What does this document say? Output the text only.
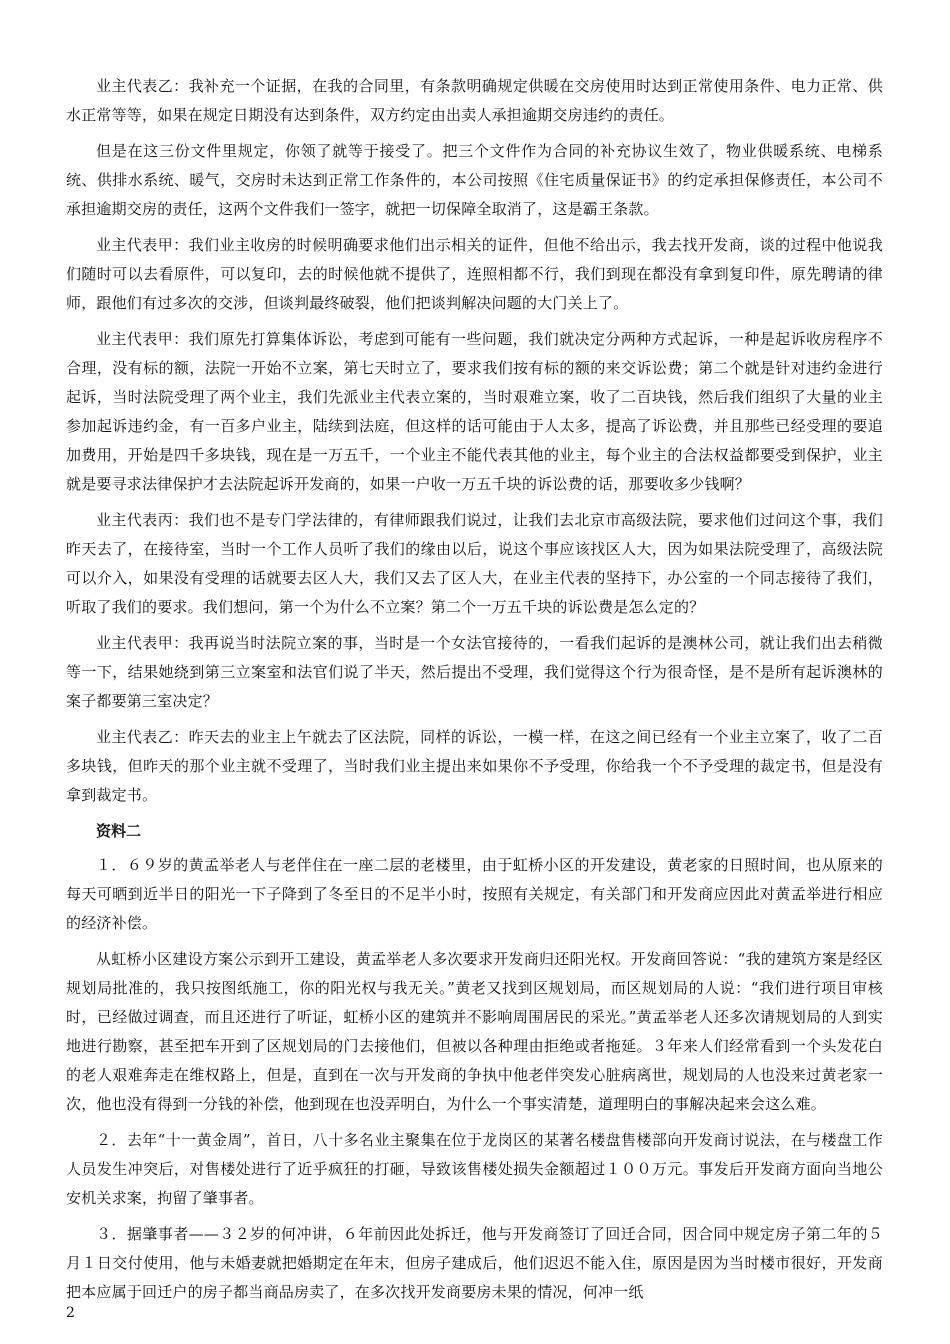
业主代表乙：我补充一个证据，在我的合同里，有条款明确规定供暖在交房使用时达到正常使用条件、电力正常、供水正常等等，如果在规定日期没有达到条件，双方约定由出卖人承担逾期交房违约的责任。

但是在这三份文件里规定，你领了就等于接受了。把三个文件作为合同的补充协议生效了，物业供暖系统、电梯系统、供排水系统、暖气，交房时未达到正常工作条件的，本公司按照《住宅质量保证书》的约定承担保修责任，本公司不承担逾期交房的责任，这两个文件我们一签字，就把一切保障全取消了，这是霸王条款。

业主代表甲：我们业主收房的时候明确要求他们出示相关的证件，但他不给出示，我去找开发商，谈的过程中他说我们随时可以去看原件，可以复印，去的时候他就不提供了，连照相都不行，我们到现在都没有拿到复印件，原先聘请的律师，跟他们有过多次的交涉，但谈判最终破裂，他们把谈判解决问题的大门关上了。

业主代表甲：我们原先打算集体诉讼，考虑到可能有一些问题，我们就决定分两种方式起诉，一种是起诉收房程序不合理，没有标的额，法院一开始不立案，第七天时立了，要求我们按有标的额的来交诉讼费；第二个就是针对违约金进行起诉，当时法院受理了两个业主，我们先派业主代表立案的，当时艰难立案，收了二百块钱，然后我们组织了大量的业主参加起诉违约金，有一百多户业主，陆续到法庭，但这样的话可能由于人太多，提高了诉讼费，并且那些已经受理的要追加费用，开始是四千多块钱，现在是一万五千，一个业主不能代表其他的业主，每个业主的合法权益都要受到保护，业主就是要寻求法律保护才去法院起诉开发商的，如果一户收一万五千块的诉讼费的话，那要收多少钱啊？

业主代表丙：我们也不是专门学法律的，有律师跟我们说过，让我们去北京市高级法院，要求他们过问这个事，我们昨天去了，在接待室，当时一个工作人员听了我们的缘由以后，说这个事应该找区人大，因为如果法院受理了，高级法院可以介入，如果没有受理的话就要去区人大，我们又去了区人大，在业主代表的坚持下，办公室的一个同志接待了我们，听取了我们的要求。我们想问，第一个为什么不立案？第二个一万五千块的诉讼费是怎么定的？

业主代表甲：我再说当时法院立案的事，当时是一个女法官接待的，一看我们起诉的是澳林公司，就让我们出去稍微等一下，结果她绕到第三立案室和法官们说了半天，然后提出不受理，我们觉得这个行为很奇怪，是不是所有起诉澳林的案子都要第三室决定？

业主代表乙：昨天去的业主上午就去了区法院，同样的诉讼，一模一样，在这之间已经有一个业主立案了，收了二百多块钱，但昨天的那个业主就不受理了，当时我们业主提出来如果你不予受理，你给我一个不予受理的裁定书，但是没有拿到裁定书。

资料二

１．６９岁的黄孟举老人与老伴住在一座二层的老楼里，由于虹桥小区的开发建设，黄老家的日照时间，也从原来的每天可晒到近半日的阳光一下子降到了冬至日的不足半小时，按照有关规定，有关部门和开发商应因此对黄孟举进行相应的经济补偿。

从虹桥小区建设方案公示到开工建设，黄孟举老人多次要求开发商归还阳光权。开发商回答说：“我的建筑方案是经区规划局批准的，我只按图纸施工，你的阳光权与我无关。”黄老又找到区规划局，而区规划局的人说：“我们进行项目审核时，已经做过调查，而且还进行了听证，虹桥小区的建筑并不影响周围居民的采光。”黄孟举老人还多次请规划局的人到实地进行勘察，甚至把车开到了区规划局的门去接他们，但被以各种理由拒绝或者拖延。３年来人们经常看到一个头发花白的老人艰难奔走在维权路上，但是，直到在一次与开发商的争执中他老伴突发心脏病离世，规划局的人也没来过黄老家一次，他也没有得到一分钱的补偿，他到现在也没弄明白，为什么一个事实清楚，道理明白的事解决起来会这么难。

２．去年“十一黄金周”，首日，八十多名业主聚集在位于龙岗区的某著名楼盘售楼部向开发商讨说法，在与楼盘工作人员发生冲突后，对售楼处进行了近乎疯狂的打砸，导致该售楼处损失金额超过１００万元。事发后开发商方面向当地公安机关求案，拘留了肇事者。

３．据肇事者——３２岁的何冲讲，６年前因此处拆迁，他与开发商签订了回迁合同，因合同中规定房子第二年的５月１日交付使用，他与未婚妻就把婚期定在年末，但房子建成后，他们迟迟不能入住，原因是因为当时楼市很好，开发商把本应属于回迁户的房子都当商品房卖了，在多次找开发商要房未果的情况，何冲一纸

2
